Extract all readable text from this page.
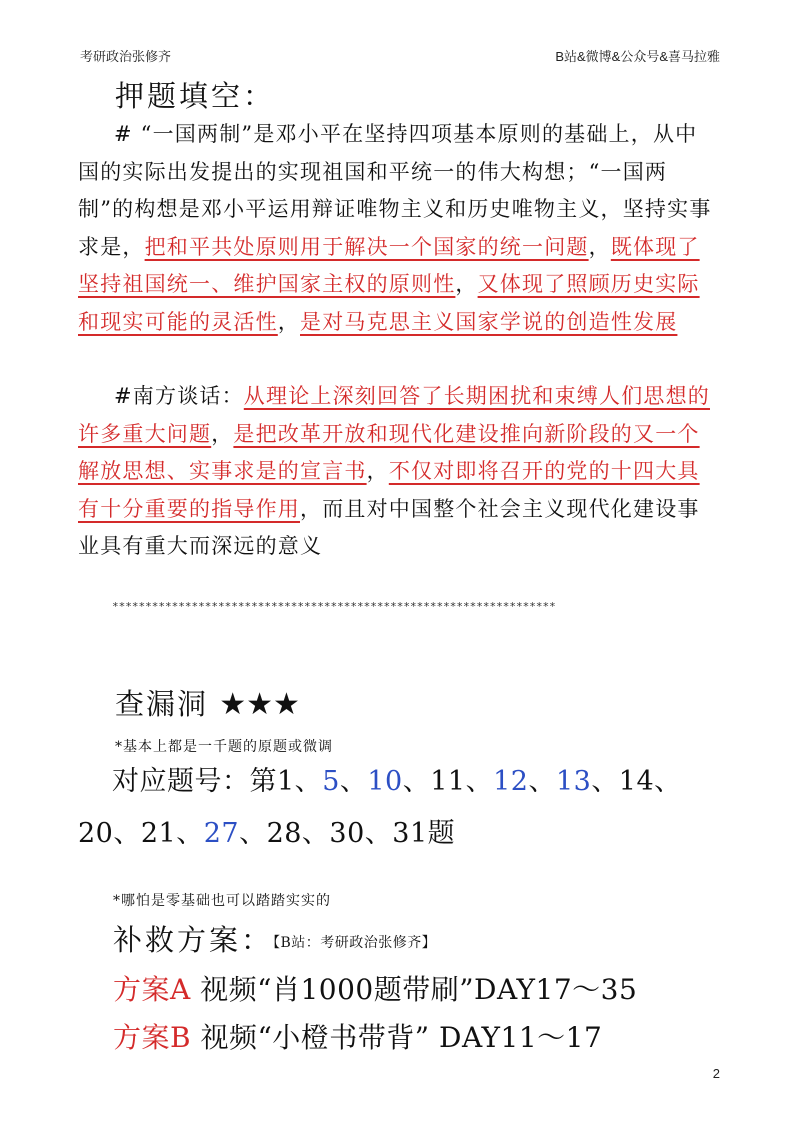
考研政治张修齐	B站&微博&公众号&喜马拉雅
押题填空：
# “一国两制”是邓小平在坚持四项基本原则的基础上，从中国的实际出发提出的实现祖国和平统一的伟大构想；“一国两制”的构想是邓小平运用辩证唯物主义和历史唯物主义，坚持实事求是，把和平共处原则用于解决一个国家的统一问题，既体现了坚持祖国统一、维护国家主权的原则性，又体现了照顾历史实际和现实可能的灵活性，是对马克思主义国家学说的创造性发展
#南方谈话：从理论上深刻回答了长期困扰和束缚人们思想的许多重大问题，是把改革开放和现代化建设推向新阶段的又一个解放思想、实事求是的宣言书，不仅对即将召开的党的十四大具有十分重要的指导作用，而且对中国整个社会主义现代化建设事业具有重大而深远的意义
*******************************************************************
查漏洞 ★★★
*基本上都是一千题的原题或微调
对应题号：第1、5、10、11、12、13、14、
20、21、27、28、30、31题
*哪怕是零基础也可以踏踏实实的
补救方案：【B站：考研政治张修齐】
方案A 视频“肖1000题带刷”DAY17～35
方案B 视频“小橙书带背” DAY11～17
2
